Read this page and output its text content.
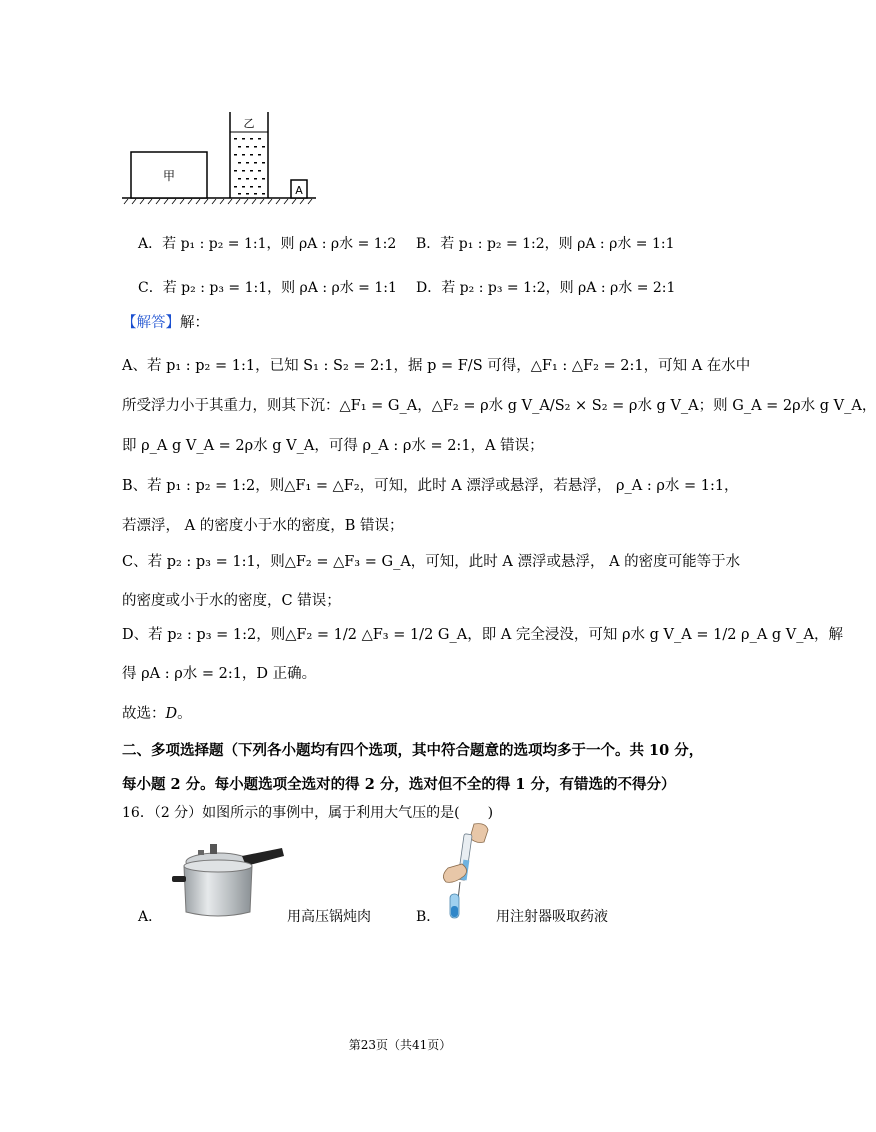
甲
乙
A
A．若 p₁ : p₂ = 1:1，则 ρA : ρ水 = 1:2 B．若 p₁ : p₂ = 1:2，则 ρA : ρ水 = 1:1
C．若 p₂ : p₃ = 1:1，则 ρA : ρ水 = 1:1 D．若 p₂ : p₃ = 1:2，则 ρA : ρ水 = 2:1
【解答】解：
A、若 p₁ : p₂ = 1:1，已知 S₁ : S₂ = 2:1，据 p = F/S 可得，△F₁ : △F₂ = 2:1，可知 A 在水中
所受浮力小于其重力，则其下沉：△F₁ = G_A，△F₂ = ρ水 g V_A/S₂ × S₂ = ρ水 g V_A；则 G_A = 2ρ水 g V_A，
即 ρ_A g V_A = 2ρ水 g V_A，可得 ρ_A : ρ水 = 2:1，A 错误；
B、若 p₁ : p₂ = 1:2，则△F₁ = △F₂，可知，此时 A 漂浮或悬浮，若悬浮， ρ_A : ρ水 = 1:1，
若漂浮， A 的密度小于水的密度，B 错误；
C、若 p₂ : p₃ = 1:1，则△F₂ = △F₃ = G_A，可知，此时 A 漂浮或悬浮， A 的密度可能等于水
的密度或小于水的密度，C 错误；
D、若 p₂ : p₃ = 1:2，则△F₂ = 1/2 △F₃ = 1/2 G_A，即 A 完全浸没，可知 ρ水 g V_A = 1/2 ρ_A g V_A，解
得 ρA : ρ水 = 2:1，D 正确。
故选：D。
二、多项选择题（下列各小题均有四个选项，其中符合题意的选项均多于一个。共 10 分，
每小题 2 分。每小题选项全选对的得 2 分，选对但不全的得 1 分，有错选的不得分）
16．（2 分）如图所示的事例中，属于利用大气压的是(　　)
A．	用高压锅炖肉	B．	用注射器吸取药液
第23页（共41页）
